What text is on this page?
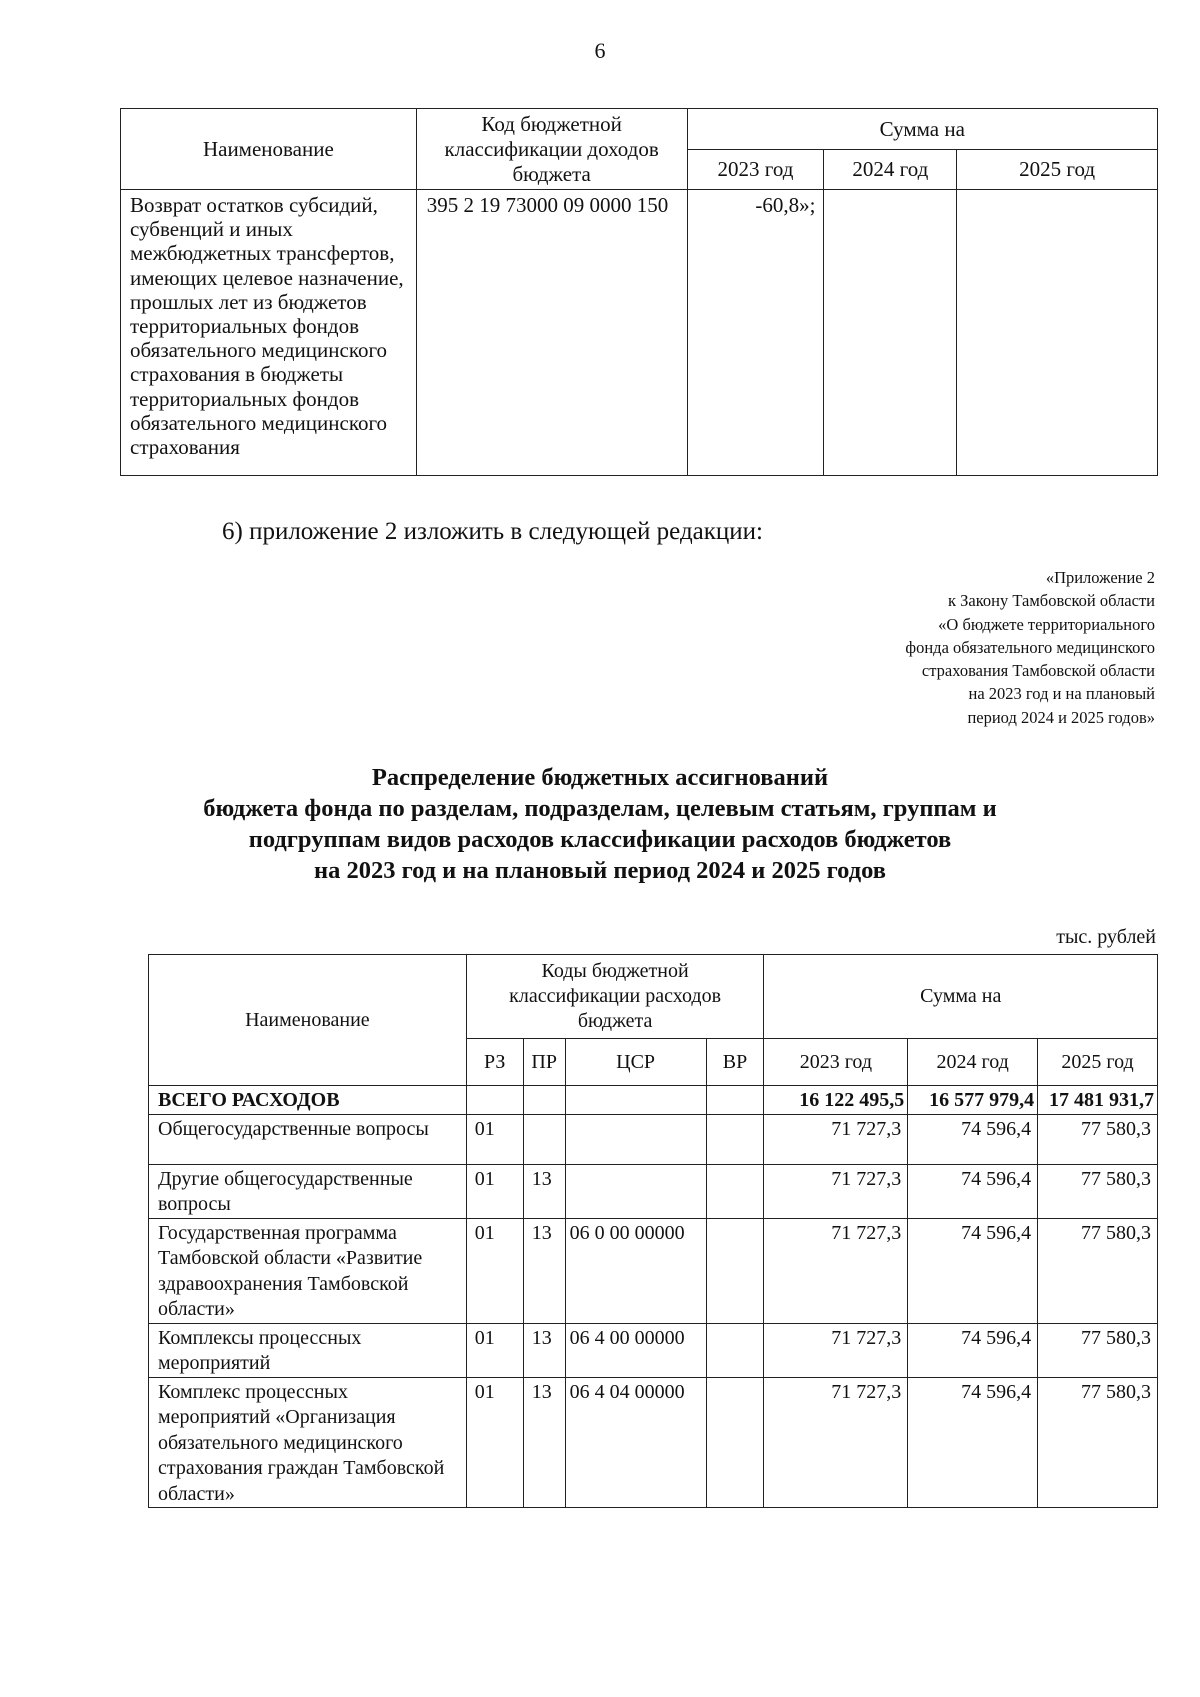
6
Наименование	Код бюджетной классификации доходов бюджета	Сумма на		
		2023 год	2024 год	2025 год
Возврат остатков субсидий, субвенций и иных межбюджетных трансфертов, имеющих целевое назначение, прошлых лет из бюджетов территориальных фондов обязательного медицинского страхования в бюджеты территориальных фондов обязательного медицинского страхования	395 2 19 73000 09 0000 150	-60,8»;		
6) приложение 2 изложить в следующей редакции:
«Приложение 2
к Закону Тамбовской области
«О бюджете территориального
фонда обязательного медицинского
страхования Тамбовской области
на 2023 год и на плановый
период 2024 и 2025 годов»
Распределение бюджетных ассигнований
бюджета фонда по разделам, подразделам, целевым статьям, группам и
подгруппам видов расходов классификации расходов бюджетов
на 2023 год и на плановый период 2024 и 2025 годов
тыс. рублей
Наименование	Коды бюджетной классификации расходов бюджета				Сумма на		
	РЗ	ПР	ЦСР	ВР	2023 год	2024 год	2025 год
ВСЕГО РАСХОДОВ					16 122 495,5	16 577 979,4	17 481 931,7
Общегосударственные вопросы	01				71 727,3	74 596,4	77 580,3
Другие общегосударственные вопросы	01	13			71 727,3	74 596,4	77 580,3
Государственная программа Тамбовской области «Развитие здравоохранения Тамбовской области»	01	13	06 0 00 00000		71 727,3	74 596,4	77 580,3
Комплексы процессных мероприятий	01	13	06 4 00 00000		71 727,3	74 596,4	77 580,3
Комплекс процессных мероприятий «Организация обязательного медицинского страхования граждан Тамбовской области»	01	13	06 4 04 00000		71 727,3	74 596,4	77 580,3
